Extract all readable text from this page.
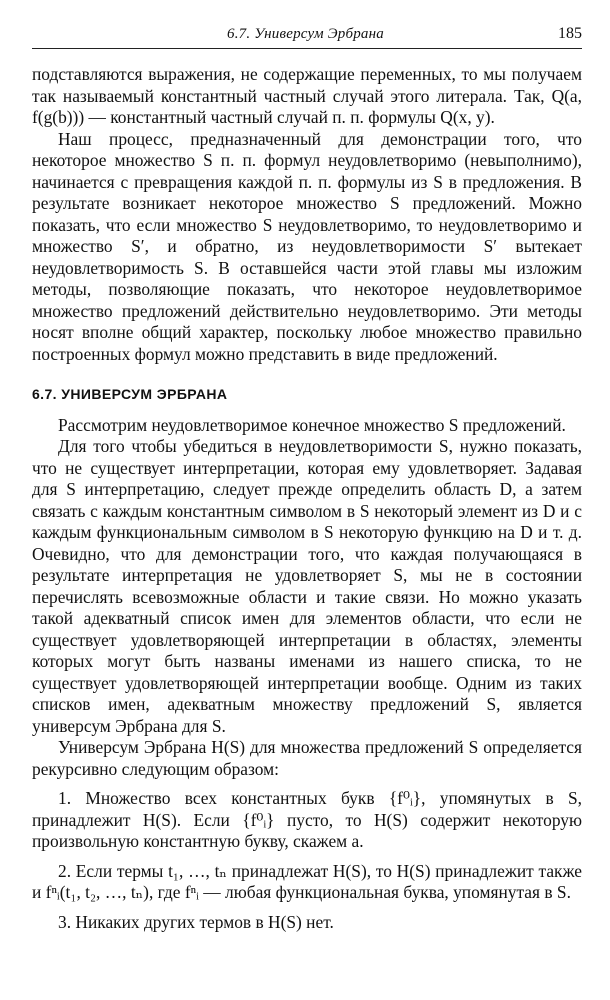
6.7. Универсум Эрбрана	185

подставляются выражения, не содержащие переменных, то мы получаем так называемый константный частный случай этого литерала. Так, Q(a, f(g(b))) — константный частный случай п. п. формулы Q(x, y).

Наш процесс, предназначенный для демонстрации того, что некоторое множество S п. п. формул неудовлетворимо (невыполнимо), начинается с превращения каждой п. п. формулы из S в предложения. В результате возникает некоторое множество S предложений. Можно показать, что если множество S неудовлетворимо, то неудовлетворимо и множество S′, и обратно, из неудовлетворимости S′ вытекает неудовлетворимость S. В оставшейся части этой главы мы изложим методы, позволяющие показать, что некоторое неудовлетворимое множество предложений действительно неудовлетворимо. Эти методы носят вполне общий характер, поскольку любое множество правильно построенных формул можно представить в виде предложений.

6.7. УНИВЕРСУМ ЭРБРАНА

Рассмотрим неудовлетворимое конечное множество S предложений.

Для того чтобы убедиться в неудовлетворимости S, нужно показать, что не существует интерпретации, которая ему удовлетворяет. Задавая для S интерпретацию, следует прежде определить область D, а затем связать с каждым константным символом в S некоторый элемент из D и с каждым функциональным символом в S некоторую функцию на D и т. д. Очевидно, что для демонстрации того, что каждая получающаяся в результате интерпретация не удовлетворяет S, мы не в состоянии перечислять всевозможные области и такие связи. Но можно указать такой адекватный список имен для элементов области, что если не существует удовлетворяющей интерпретации в областях, элементы которых могут быть названы именами из нашего списка, то не существует удовлетворяющей интерпретации вообще. Одним из таких списков имен, адекватным множеству предложений S, является универсум Эрбрана для S.

Универсум Эрбрана H(S) для множества предложений S определяется рекурсивно следующим образом:

1. Множество всех константных букв {f⁰ᵢ}, упомянутых в S, принадлежит H(S). Если {f⁰ᵢ} пусто, то H(S) содержит некоторую произвольную константную букву, скажем a.

2. Если термы t₁, …, tₙ принадлежат H(S), то H(S) принадлежит также и fⁿᵢ(t₁, t₂, …, tₙ), где fⁿᵢ — любая функциональная буква, упомянутая в S.

3. Никаких других термов в H(S) нет.
